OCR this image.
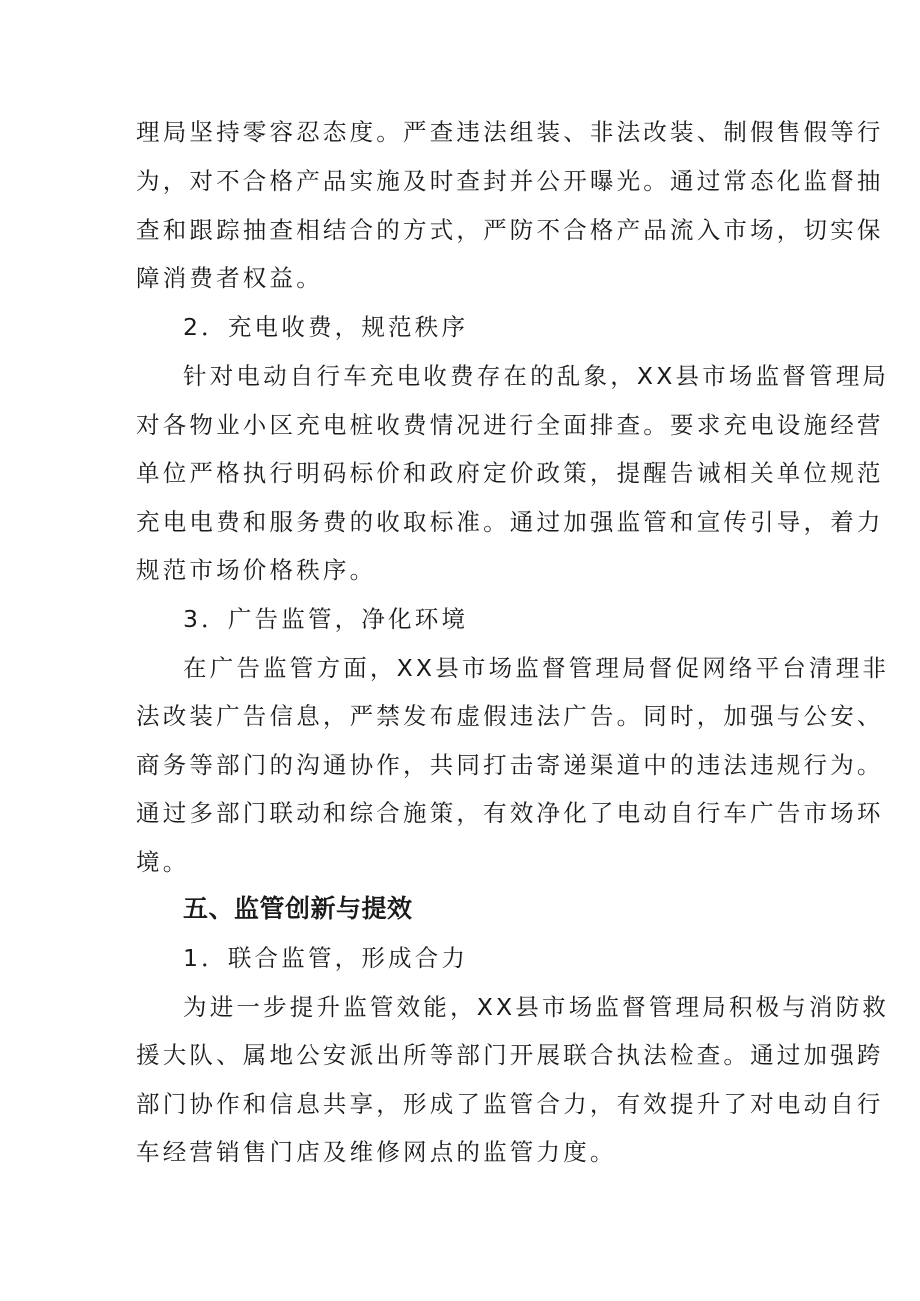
理局坚持零容忍态度。严查违法组装、非法改装、制假售假等行
为，对不合格产品实施及时查封并公开曝光。通过常态化监督抽
查和跟踪抽查相结合的方式，严防不合格产品流入市场，切实保
障消费者权益。
2．充电收费，规范秩序
针对电动自行车充电收费存在的乱象，XX县市场监督管理局
对各物业小区充电桩收费情况进行全面排查。要求充电设施经营
单位严格执行明码标价和政府定价政策，提醒告诫相关单位规范
充电电费和服务费的收取标准。通过加强监管和宣传引导，着力
规范市场价格秩序。
3．广告监管，净化环境
在广告监管方面，XX县市场监督管理局督促网络平台清理非
法改装广告信息，严禁发布虚假违法广告。同时，加强与公安、
商务等部门的沟通协作，共同打击寄递渠道中的违法违规行为。
通过多部门联动和综合施策，有效净化了电动自行车广告市场环
境。
五、监管创新与提效
1．联合监管，形成合力
为进一步提升监管效能，XX县市场监督管理局积极与消防救
援大队、属地公安派出所等部门开展联合执法检查。通过加强跨
部门协作和信息共享，形成了监管合力，有效提升了对电动自行
车经营销售门店及维修网点的监管力度。
